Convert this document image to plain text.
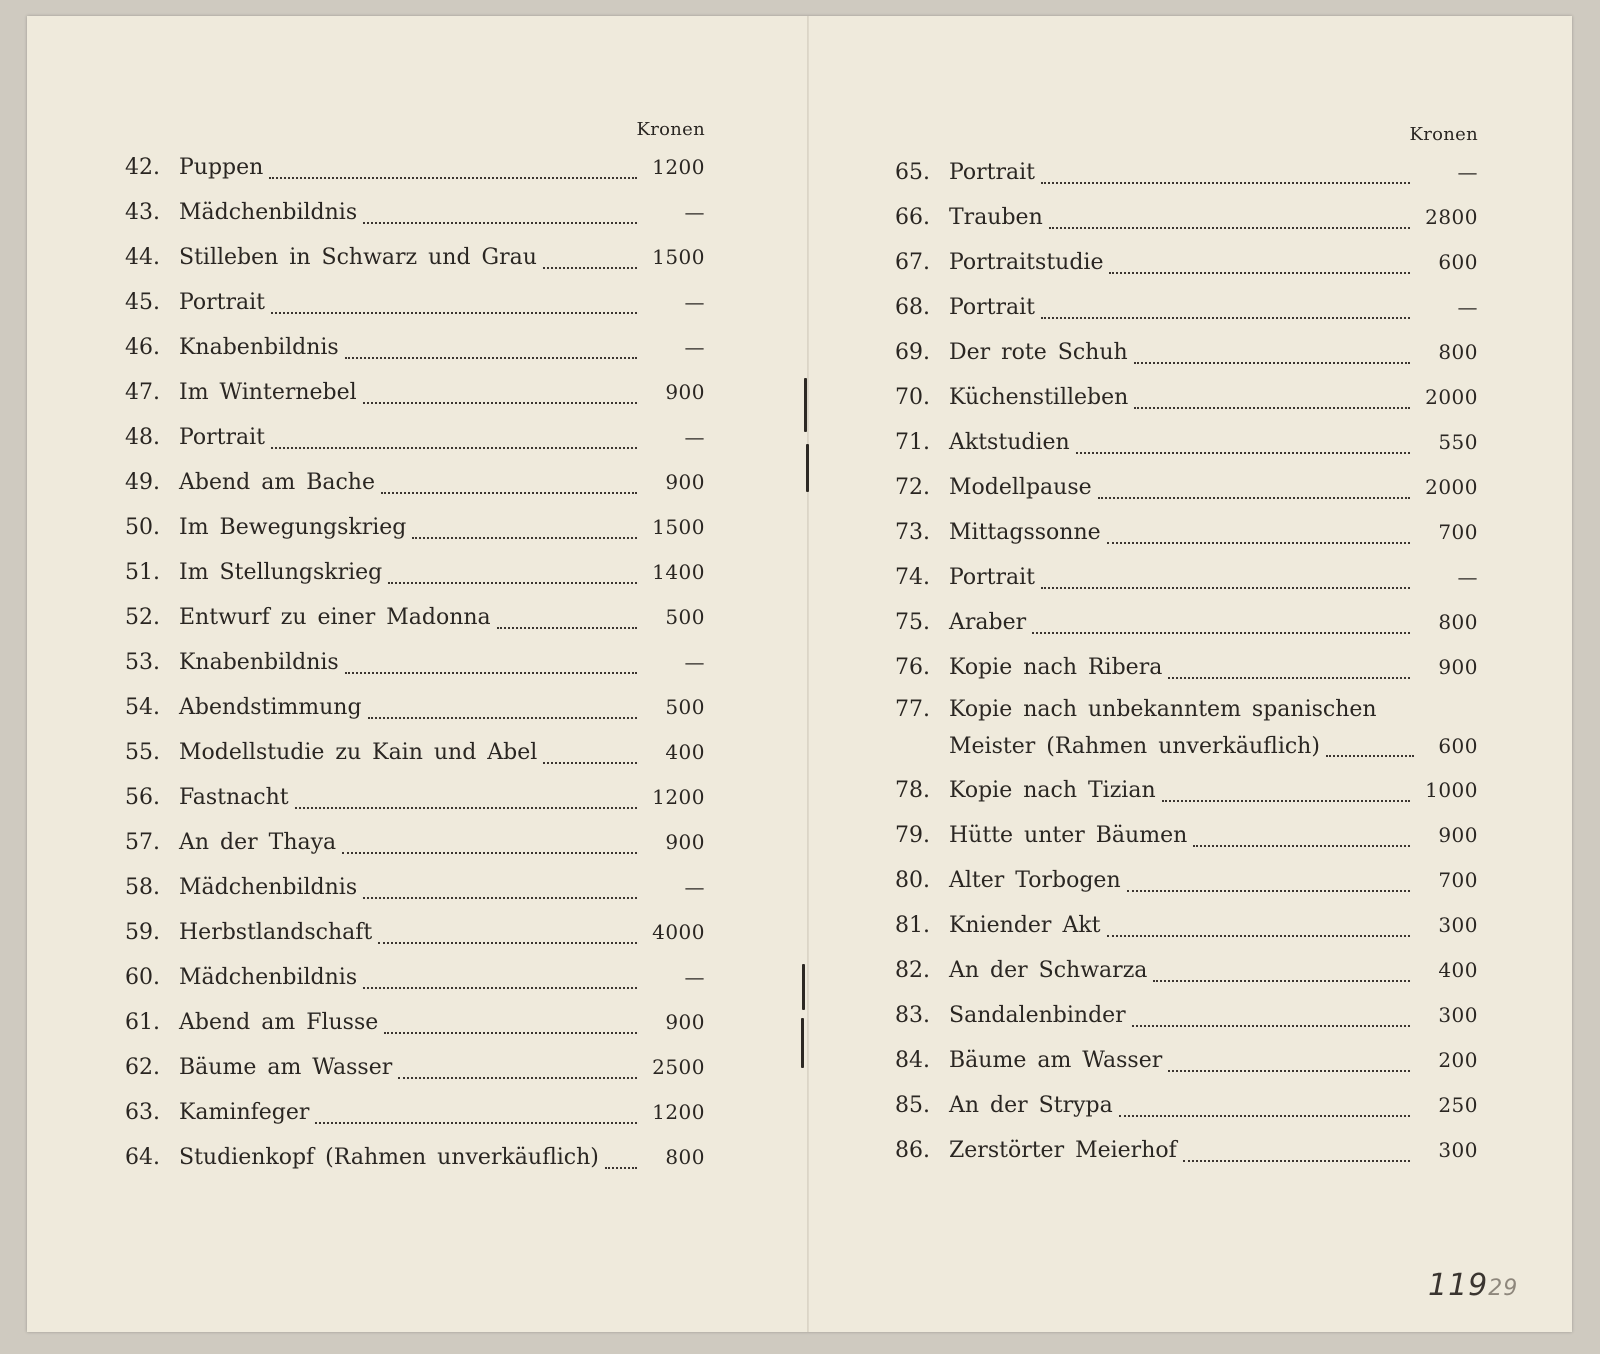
Kronen
42. Puppen	1200
43. Mädchenbildnis	—
44. Stilleben in Schwarz und Grau	1500
45. Portrait	—
46. Knabenbildnis	—
47. Im Winternebel	900
48. Portrait	—
49. Abend am Bache	900
50. Im Bewegungskrieg	1500
51. Im Stellungskrieg	1400
52. Entwurf zu einer Madonna	500
53. Knabenbildnis	—
54. Abendstimmung	500
55. Modellstudie zu Kain und Abel	400
56. Fastnacht	1200
57. An der Thaya	900
58. Mädchenbildnis	—
59. Herbstlandschaft	4000
60. Mädchenbildnis	—
61. Abend am Flusse	900
62. Bäume am Wasser	2500
63. Kaminfeger	1200
64. Studienkopf (Rahmen unverkäuflich)	800
Kronen
65. Portrait	—
66. Trauben	2800
67. Portraitstudie	600
68. Portrait	—
69. Der rote Schuh	800
70. Küchenstilleben	2000
71. Aktstudien	550
72. Modellpause	2000
73. Mittagssonne	700
74. Portrait	—
75. Araber	800
76. Kopie nach Ribera	900
77. Kopie nach unbekanntem spanischen
Meister (Rahmen unverkäuflich)	600
78. Kopie nach Tizian	1000
79. Hütte unter Bäumen	900
80. Alter Torbogen	700
81. Kniender Akt	300
82. An der Schwarza	400
83. Sandalenbinder	300
84. Bäume am Wasser	200
85. An der Strypa	250
86. Zerstörter Meierhof	300
11929
